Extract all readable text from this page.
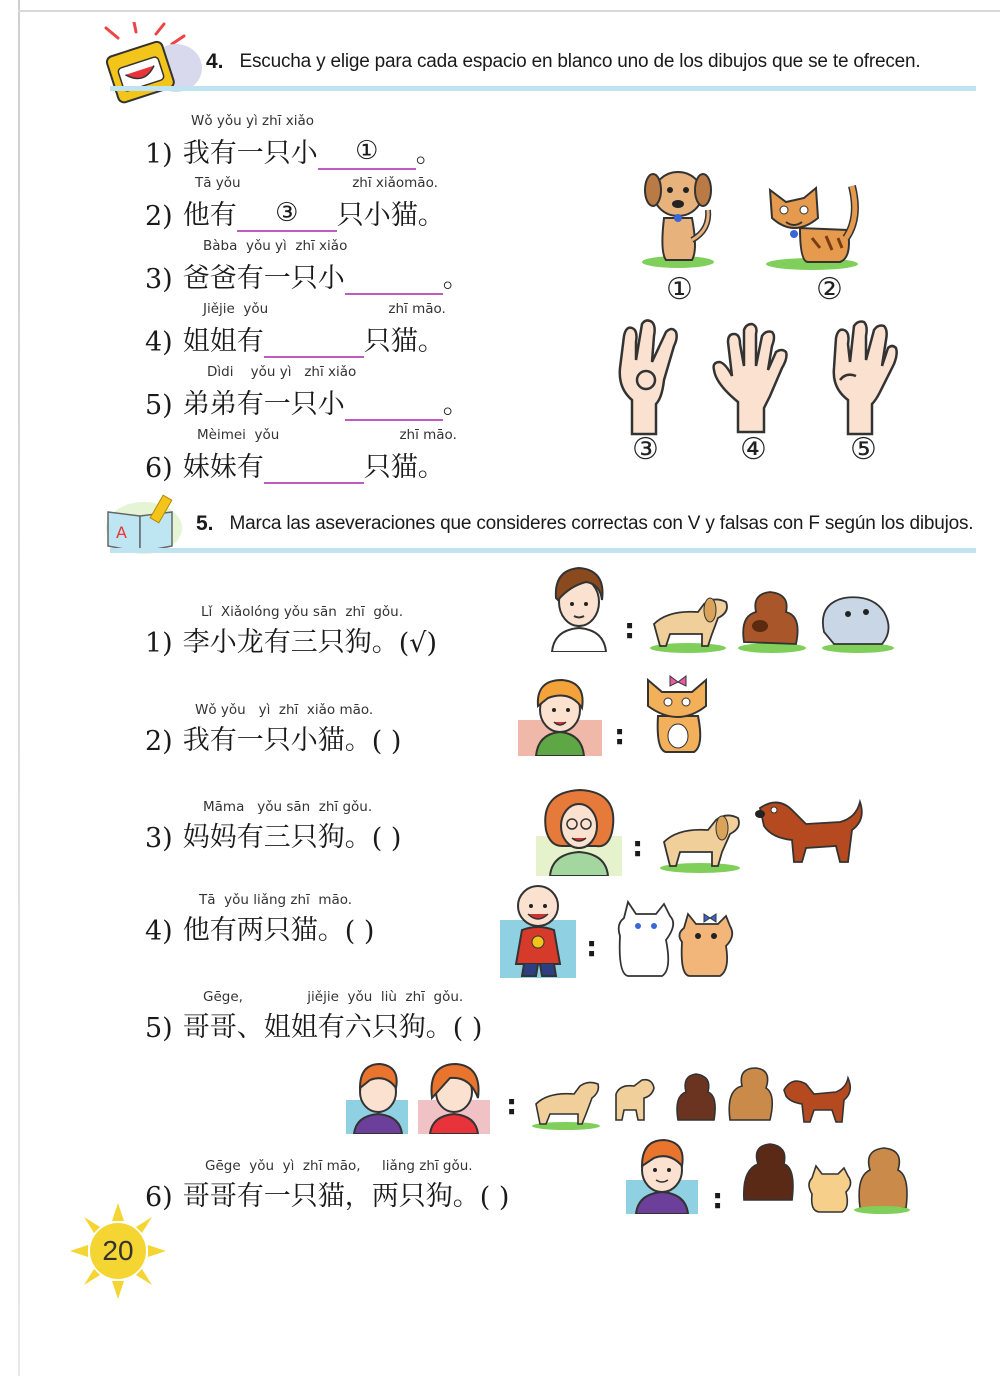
4. Escucha y elige para cada espacio en blanco uno de los dibujos que se te ofrecen.
Wǒ yǒu yì zhī xiǎo
1) 我有一只小	①	。
Tā yǒu                          zhī xiǎomāo.
2) 他有	③	只小猫。
Bàba  yǒu yì  zhī xiǎo
3) 爸爸有一只小	。
Jiějie  yǒu                            zhī māo.
4) 姐姐有	只猫。
Dìdi    yǒu yì   zhī xiǎo
5) 弟弟有一只小	。
Mèimei  yǒu                            zhī māo.
6) 妹妹有	只猫。
①	②
③	④	⑤
A	5. Marca las aseveraciones que consideres correctas con V y falsas con F según los dibujos.
Lǐ  Xiǎolóng yǒu sān  zhī  gǒu.
1) 李小龙有三只狗。 (√)
Wǒ yǒu   yì  zhī  xiǎo māo.
2) 我有一只小猫。 ( )
Māma   yǒu sān  zhī gǒu.
3) 妈妈有三只狗。 ( )
Tā  yǒu liǎng zhī  māo.
4) 他有两只猫。 ( )
Gēge,               jiějie  yǒu  liù  zhī  gǒu.
5) 哥哥、姐姐有六只狗。 ( )
Gēge  yǒu  yì  zhī māo,     liǎng zhī gǒu.
6) 哥哥有一只猫，两只狗。 ( )
:
:
:
:
:
:
20
